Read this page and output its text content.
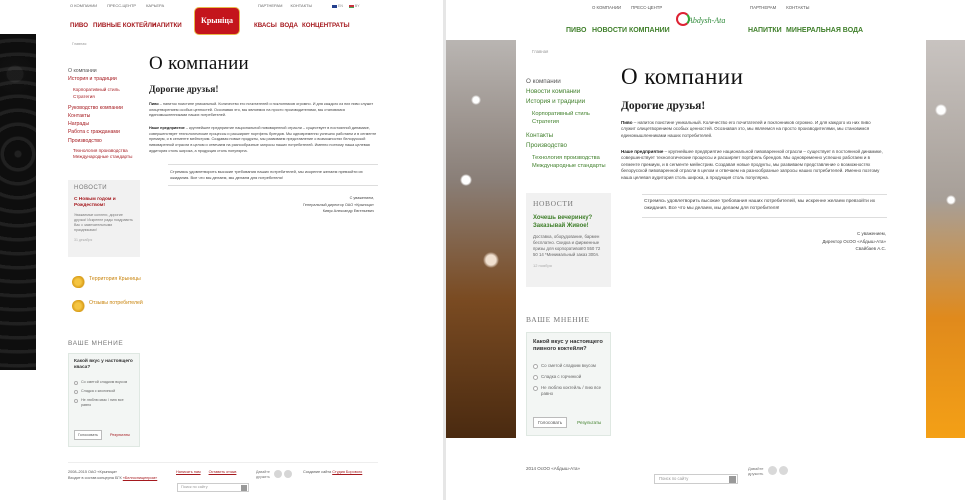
О КОМПАНИИ	ПРЕСС-ЦЕНТР	КАРЬЕРА	ПАРТНЕРАМ КОНТАКТЫ	EN	BY
ПИВО ПИВНЫЕ КОКТЕЙЛИ
НАПИТКИ	КВАСЫ ВОДА КОНЦЕНТРАТЫ
Крыніца
Главная
О компании
История и традиции
Корпоративный стиль
Стратегия
Руководство компании
Контакты
Награды
Работа с гражданами
Производство
Технология производства
Международные стандарты
НОВОСТИ
С Новым годом и Рождеством!
Уважаемые коллеги, дорогие друзья! Искренне рады поздравить Вас с замечательными праздниками!
31 декабря
Территория Крыницы
Отзывы потребителей
ВАШЕ МНЕНИЕ
Какой вкус у настоящего кваса?
Со сметой сладким вкусом
Сладка с кислинкой
Не люблю квас / пию все равно
Голосовать	Результаты
О компании
Дорогие друзья!
Пиво – напиток поистине уникальный. Количество его почитателей и поклонников огромно. И для каждого из них пиво служит олицетворением особых ценностей. Осознавая это, мы являемся на просто производителями, мы становимся единомышленниками наших потребителей.
Наше предприятие – крупнейшее предприятие национальной пивоваренной отрасли – существует в постоянной динамике, совершенствует технологические процессы и расширяет портфель брендов. Мы одновременно успешно работаем и в сегменте премиум, и в сегменте мейнстрим. Создавая новые продукты, мы развиваем представление о возможностях белорусской пивоваренной отрасли в целом и отвечаем на разнообразные запросы наших потребителей. Именно поэтому наша целевая аудитория столь широка, а продукция столь популярна.
Стремясь удовлетворить высокие требования наших потребителей, мы искренне желаем превзойти их ожидания. Все что мы делаем, мы делаем для потребителя!
С уважением,
Генеральный директор ОАО «Крыница»
Кивук Александр Евгеньевич
2008–2015 ОАО «Крыница»
Входит в состав концерна БГК «Белгоспищепром»
Написать нам Оставить отзыв	Давайте дружить
Создание сайта Студия Борового
Поиск по сайту
О КОМПАНИИ ПРЕСС-ЦЕНТР	ПАРТНЕРАМ КОНТАКТЫ
ПИВО НОВОСТИ КОМПАНИИ	НАПИТКИ МИНЕРАЛЬНАЯ ВОДА
Abdysh-Ata
Главная
О компании
Новости компании
История и традиции
Корпоративный стиль
Стратегия
Контакты
Производство
Технология производства
Международные стандарты
НОВОСТИ
Хочешь вечеринку? Заказывай Живое!
Доставка, оборудование, бармен бесплатно. Скидка и фирменные призы для корпоративов!0 550 72 50 14 *Минимальный заказ 300л.
12 ноября
ВАШЕ МНЕНИЕ
Какой вкус у настоящего пивного коктейля?
Со сметой сладким вкусом
Сладка с горчинкой
Не люблю коктейль / пию все равно
Голосовать	Результаты
О компании
Дорогие друзья!
Пиво – напиток поистине уникальный. Количество его почитателей и поклонников огромно. И для каждого из них пиво служит олицетворением особых ценностей. Осознавая это, мы являемся на просто производителями, мы становимся единомышленниками наших потребителей.
Наше предприятие – крупнейшее предприятие национальной пивоваренной отрасли – существует в постоянной динамике, совершенствует технологические процессы и расширяет портфель брендов. Мы одновременно успешно работаем и в сегменте премиум, и в сегменте мейнстрим. Создавая новые продукты, мы развиваем представление о возможностях белорусской пивоваренной отрасли в целом и отвечаем на разнообразные запросы наших потребителей. Именно поэтому наша целевая аудитория столь широка, а продукция столь популярна.
Стремясь удовлетворить высокие требования наших потребителей, мы искренне желаем превзойти их ожидания. Все что мы делаем, мы делаем для потребителя!
С уважением,
Директор ОсОО «Абдыш-Ата»
Свайбаев А.С.
2014 ОсОО «Абдыш-Ата»	Давайте дружить
Поиск по сайту
